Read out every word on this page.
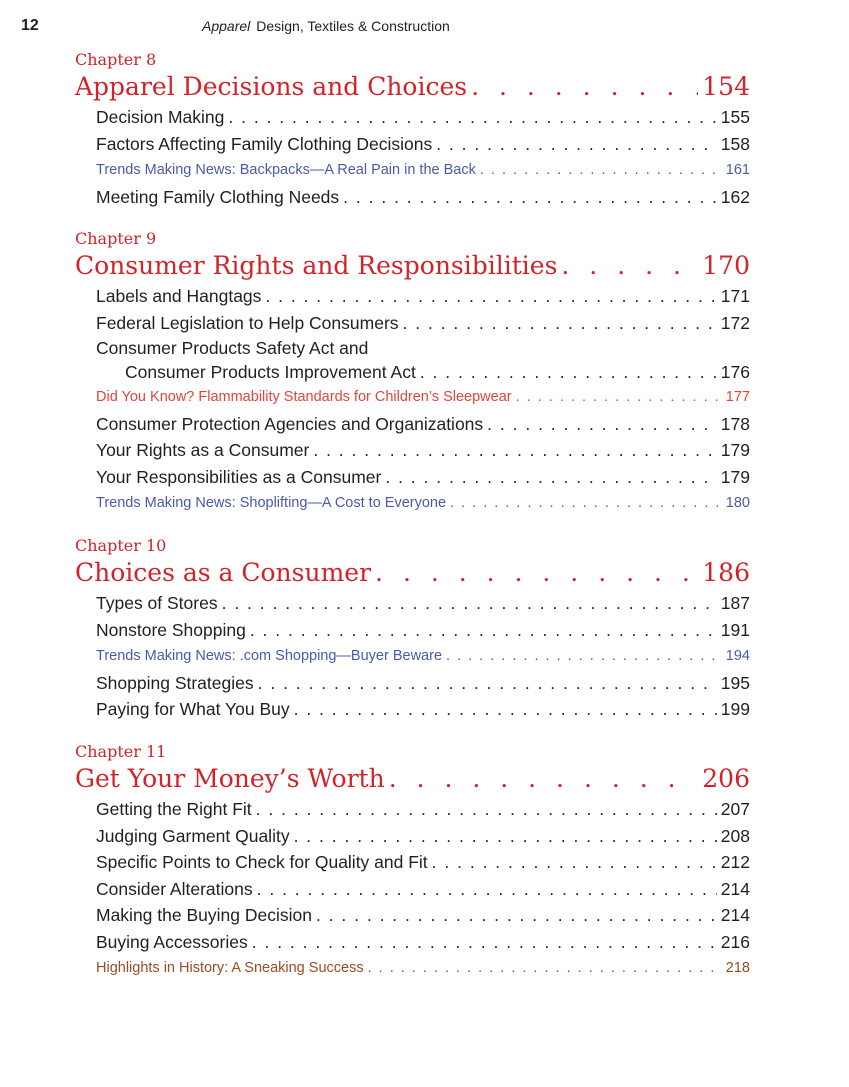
12	Apparel Design, Textiles & Construction
Chapter 8
Apparel Decisions and Choices . . .	154
Decision Making . . .	155
Factors Affecting Family Clothing Decisions . . .	158
Trends Making News: Backpacks—A Real Pain in the Back . . .	161
Meeting Family Clothing Needs . . .	162
Chapter 9
Consumer Rights and Responsibilities . . .	170
Labels and Hangtags . . .	171
Federal Legislation to Help Consumers . . .	172
Consumer Products Safety Act and
Consumer Products Improvement Act . . .	176
Did You Know? Flammability Standards for Children’s Sleepwear . . .	177
Consumer Protection Agencies and Organizations . . .	178
Your Rights as a Consumer . . .	179
Your Responsibilities as a Consumer . . .	179
Trends Making News: Shoplifting—A Cost to Everyone . . .	180
Chapter 10
Choices as a Consumer . . .	186
Types of Stores . . .	187
Nonstore Shopping . . .	191
Trends Making News: .com Shopping—Buyer Beware . . .	194
Shopping Strategies . . .	195
Paying for What You Buy . . .	199
Chapter 11
Get Your Money’s Worth . . .	206
Getting the Right Fit . . .	207
Judging Garment Quality . . .	208
Specific Points to Check for Quality and Fit . . .	212
Consider Alterations . . .	214
Making the Buying Decision . . .	214
Buying Accessories . . .	216
Highlights in History: A Sneaking Success . . .	218
